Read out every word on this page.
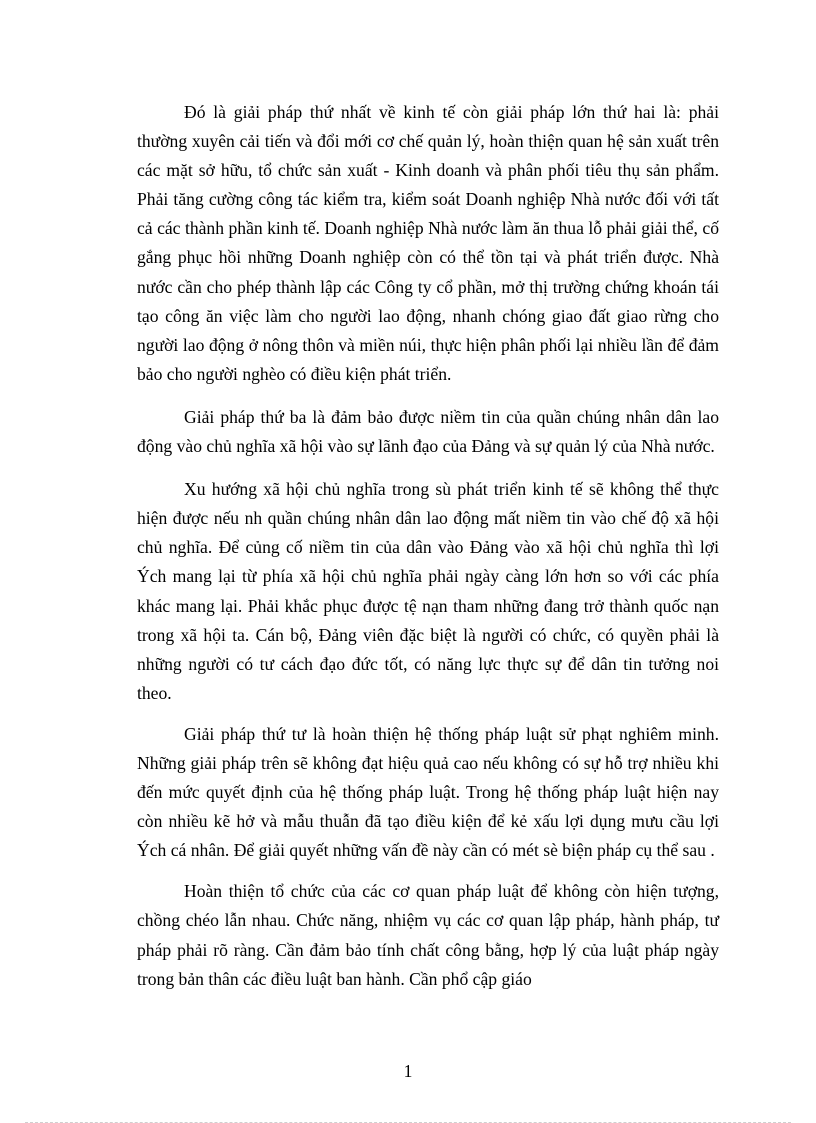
Đó là giải pháp thứ nhất về kinh tế còn giải pháp lớn thứ hai là: phải thường xuyên cải tiến và đổi mới cơ chế quản lý, hoàn thiện quan hệ sản xuất trên các mặt sở hữu, tổ chức sản xuất - Kinh doanh và phân phối tiêu thụ sản phẩm. Phải tăng cường công tác kiểm tra, kiểm soát Doanh nghiệp Nhà nước đối với tất cả các thành phần kinh tế. Doanh nghiệp Nhà nước làm ăn thua lỗ phải giải thể, cố gắng phục hồi những Doanh nghiệp còn có thể tồn tại và phát triển được. Nhà nước cần cho phép thành lập các Công ty cổ phần, mở thị trường chứng khoán tái tạo công ăn việc làm cho người lao động, nhanh chóng giao đất giao rừng cho người lao động ở nông thôn và miền núi, thực hiện phân phối lại nhiều lần để đảm bảo cho người nghèo có điều kiện phát triển.

Giải pháp thứ ba là đảm bảo được niềm tin của quần chúng nhân dân lao động vào chủ nghĩa xã hội vào sự lãnh đạo của Đảng và sự quản lý của Nhà nước.

Xu hướng xã hội chủ nghĩa trong sù phát triển kinh tế sẽ không thể thực hiện được nếu nh quần chúng nhân dân lao động mất niềm tin vào chế độ xã hội chủ nghĩa. Để củng cố niềm tin của dân vào Đảng vào xã hội chủ nghĩa thì lợi Ých mang lại từ phía xã hội chủ nghĩa phải ngày càng lớn hơn so với các phía khác mang lại. Phải khắc phục được tệ nạn tham những đang trở thành quốc nạn trong xã hội ta. Cán bộ, Đảng viên đặc biệt là người có chức, có quyền phải là những người có tư cách đạo đức tốt, có năng lực thực sự để dân tin tưởng noi theo.

Giải pháp thứ tư là hoàn thiện hệ thống pháp luật sử phạt nghiêm minh. Những giải pháp trên sẽ không đạt hiệu quả cao nếu không có sự hỗ trợ nhiều khi đến mức quyết định của hệ thống pháp luật. Trong hệ thống pháp luật hiện nay còn nhiều kẽ hở và mẫu thuẫn đã tạo điều kiện để kẻ xấu lợi dụng mưu cầu lợi Ých cá nhân. Để giải quyết những vấn đề này cần có mét sè biện pháp cụ thể sau .

Hoàn thiện tổ chức của các cơ quan pháp luật để không còn hiện tượng, chồng chéo lẫn nhau. Chức năng, nhiệm vụ các cơ quan lập pháp, hành pháp, tư pháp phải rõ ràng. Cần đảm bảo tính chất công bằng, hợp lý của luật pháp ngày trong bản thân các điều luật ban hành. Cần phổ cập giáo

1
